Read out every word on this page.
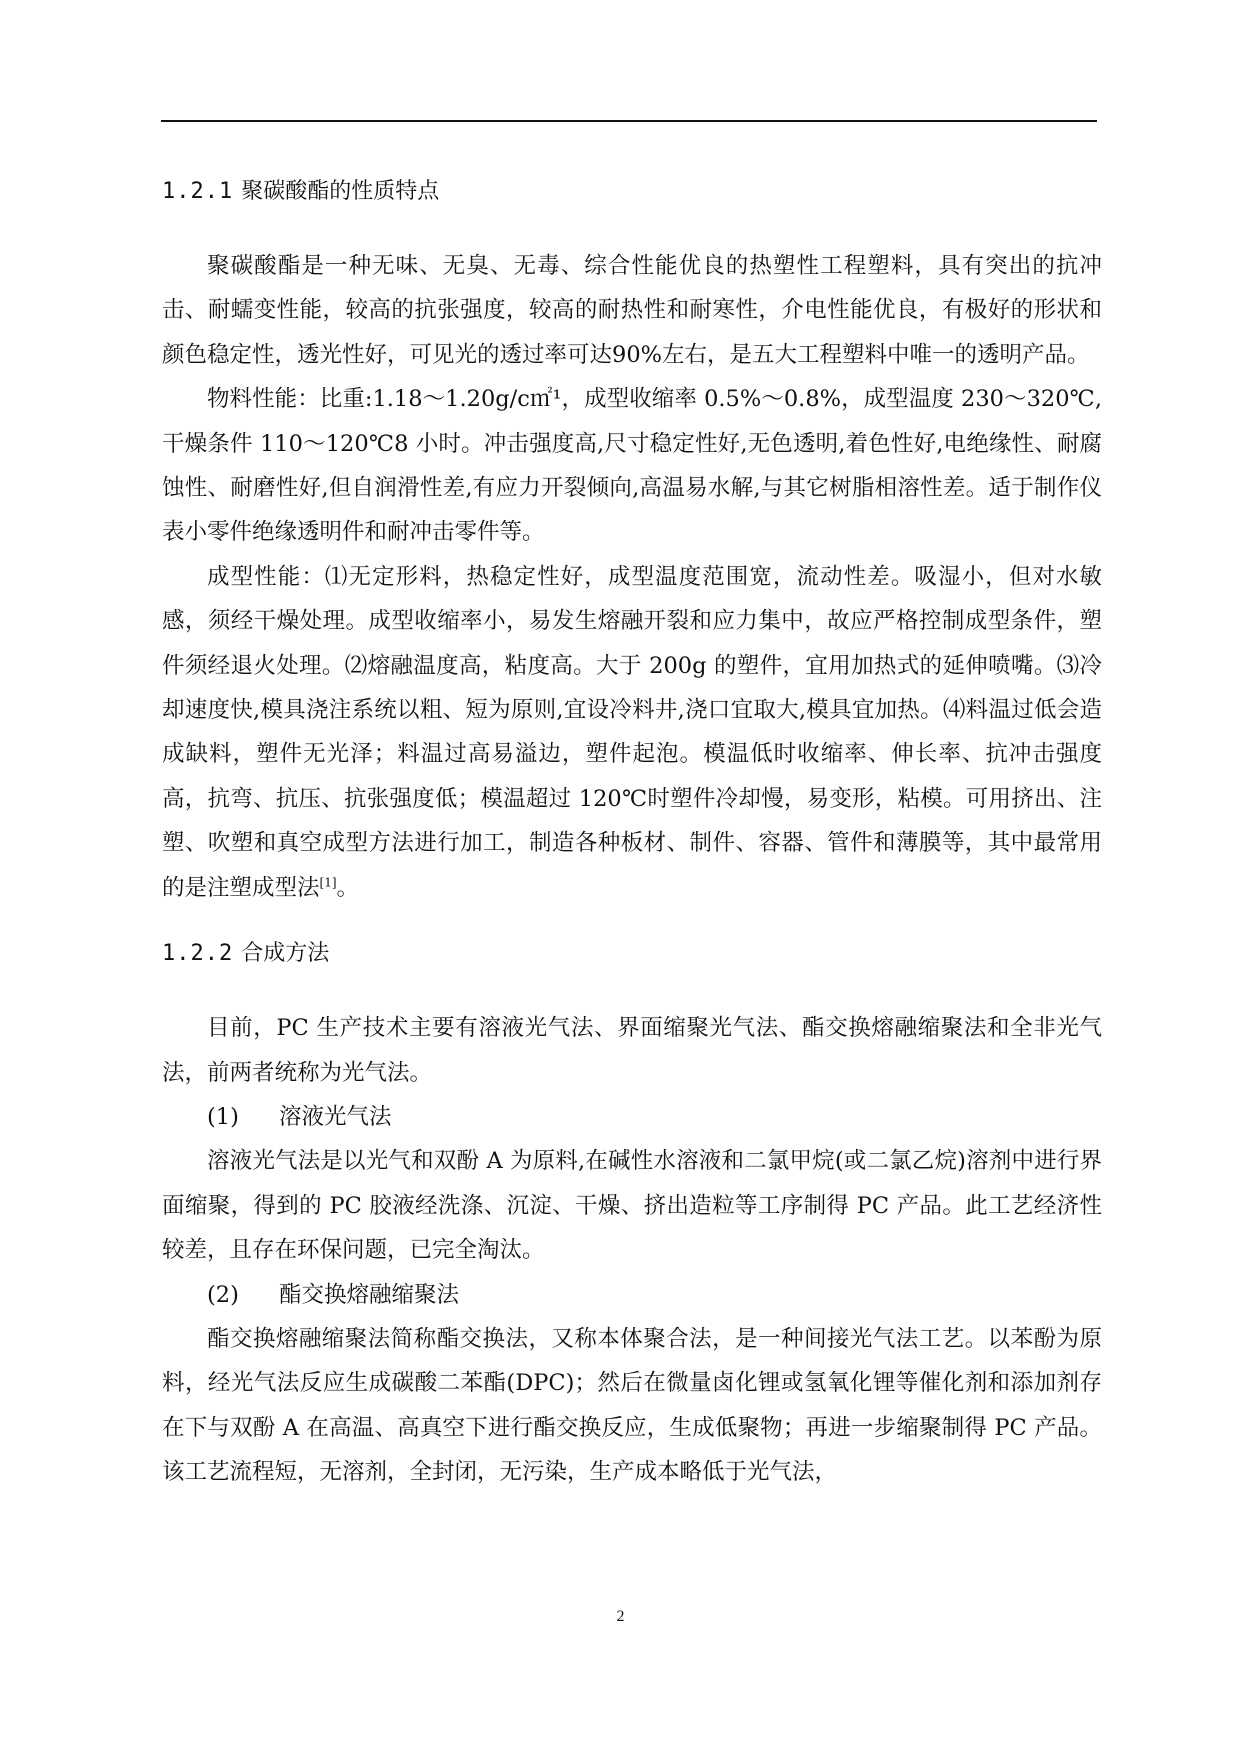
1.2.1 聚碳酸酯的性质特点

聚碳酸酯是一种无味、无臭、无毒、综合性能优良的热塑性工程塑料，具有突出的抗冲击、耐蠕变性能，较高的抗张强度，较高的耐热性和耐寒性，介电性能优良，有极好的形状和颜色稳定性，透光性好，可见光的透过率可达90%左右，是五大工程塑料中唯一的透明产品。

物料性能：比重:1.18～1.20g/c㎡¹，成型收缩率 0.5%～0.8%，成型温度 230～320℃,干燥条件 110～120℃8 小时。冲击强度高,尺寸稳定性好,无色透明,着色性好,电绝缘性、耐腐蚀性、耐磨性好,但自润滑性差,有应力开裂倾向,高温易水解,与其它树脂相溶性差。适于制作仪表小零件绝缘透明件和耐冲击零件等。

成型性能：⑴无定形料，热稳定性好，成型温度范围宽，流动性差。吸湿小，但对水敏感，须经干燥处理。成型收缩率小，易发生熔融开裂和应力集中，故应严格控制成型条件，塑件须经退火处理。⑵熔融温度高，粘度高。大于 200g 的塑件，宜用加热式的延伸喷嘴。⑶冷却速度快,模具浇注系统以粗、短为原则,宜设冷料井,浇口宜取大,模具宜加热。⑷料温过低会造成缺料，塑件无光泽；料温过高易溢边，塑件起泡。模温低时收缩率、伸长率、抗冲击强度高，抗弯、抗压、抗张强度低；模温超过 120℃时塑件冷却慢，易变形，粘模。可用挤出、注塑、吹塑和真空成型方法进行加工，制造各种板材、制件、容器、管件和薄膜等，其中最常用的是注塑成型法[1]。

1.2.2 合成方法

目前，PC 生产技术主要有溶液光气法、界面缩聚光气法、酯交换熔融缩聚法和全非光气法，前两者统称为光气法。

(1) 溶液光气法

溶液光气法是以光气和双酚 A 为原料,在碱性水溶液和二氯甲烷(或二氯乙烷)溶剂中进行界面缩聚，得到的 PC 胶液经洗涤、沉淀、干燥、挤出造粒等工序制得 PC 产品。此工艺经济性较差，且存在环保问题，已完全淘汰。

(2) 酯交换熔融缩聚法

酯交换熔融缩聚法简称酯交换法，又称本体聚合法，是一种间接光气法工艺。以苯酚为原料，经光气法反应生成碳酸二苯酯(DPC)；然后在微量卤化锂或氢氧化锂等催化剂和添加剂存在下与双酚 A 在高温、高真空下进行酯交换反应，生成低聚物；再进一步缩聚制得 PC 产品。该工艺流程短，无溶剂，全封闭，无污染，生产成本略低于光气法，

2
